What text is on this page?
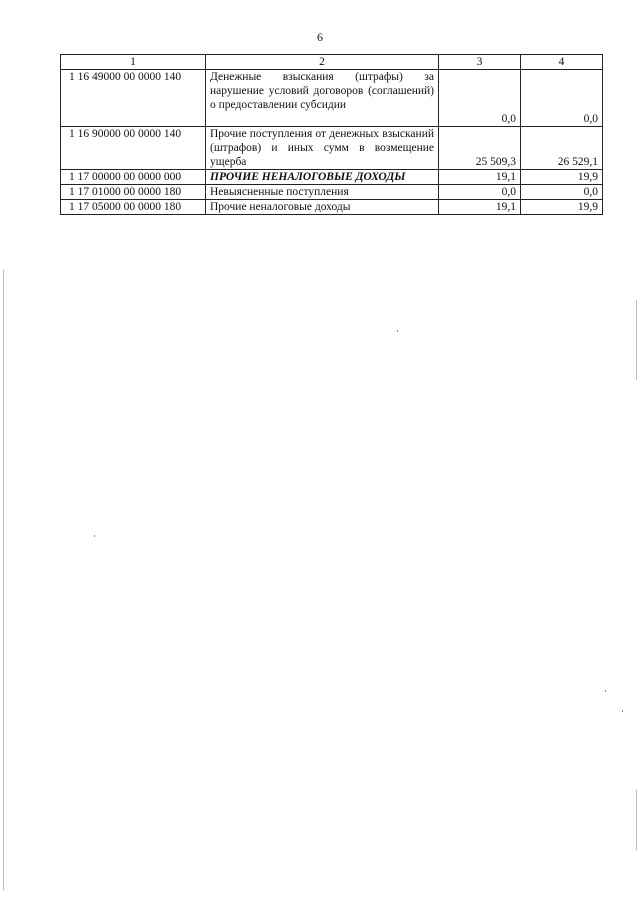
6
1	2	3	4
1 16 49000 00 0000 140	Денежные взыскания (штрафы) за нарушение условий договоров (соглашений) о предоставлении субсидии	0,0	0,0
1 16 90000 00 0000 140	Прочие поступления от денежных взысканий (штрафов) и иных сумм в возмещение ущерба	25 509,3	26 529,1
1 17 00000 00 0000 000	ПРОЧИЕ НЕНАЛОГОВЫЕ ДОХОДЫ	19,1	19,9
1 17 01000 00 0000 180	Невыясненные поступления	0,0	0,0
1 17 05000 00 0000 180	Прочие неналоговые доходы	19,1	19,9
